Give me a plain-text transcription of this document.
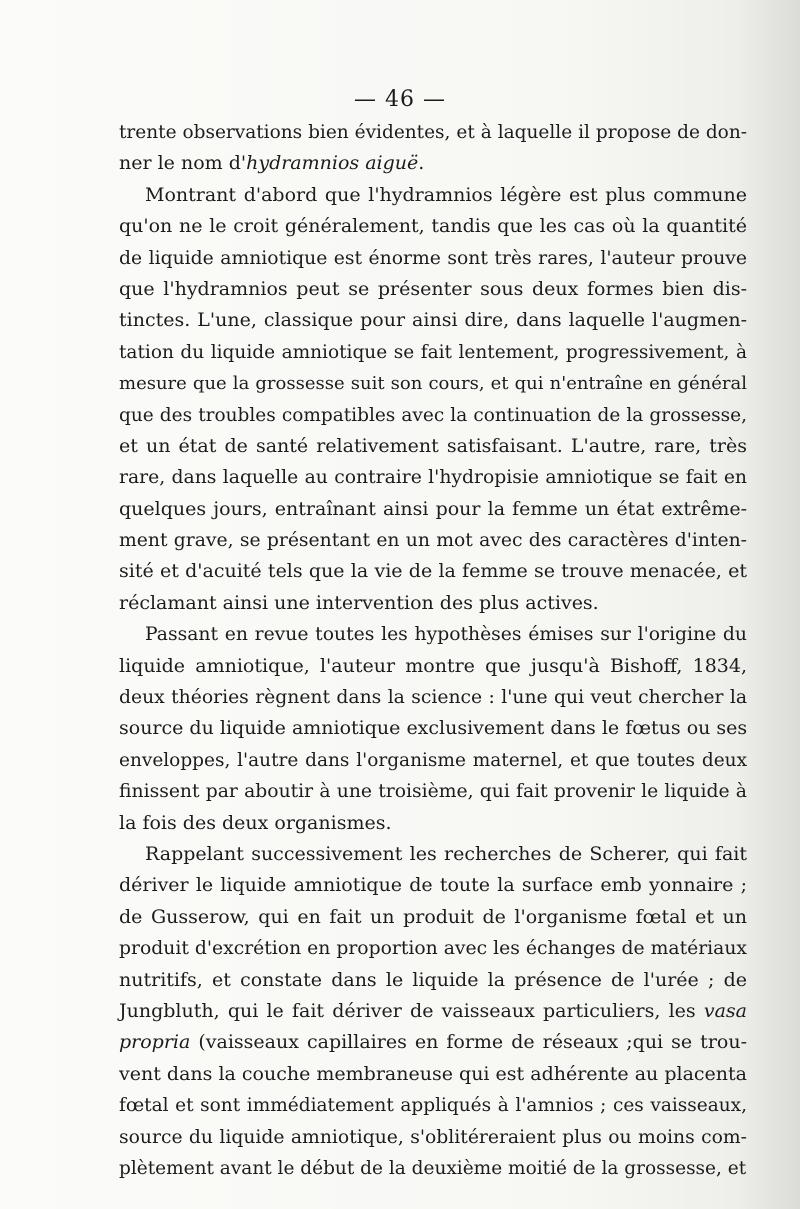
— 46 —
trente observations bien évidentes, et à laquelle il propose de don-
ner le nom d'hydramnios aiguë.
Montrant d'abord que l'hydramnios légère est plus commune
qu'on ne le croit généralement, tandis que les cas où la quantité
de liquide amniotique est énorme sont très rares, l'auteur prouve
que l'hydramnios peut se présenter sous deux formes bien dis-
tinctes. L'une, classique pour ainsi dire, dans laquelle l'augmen-
tation du liquide amniotique se fait lentement, progressivement, à
mesure que la grossesse suit son cours, et qui n'entraîne en général
que des troubles compatibles avec la continuation de la grossesse,
et un état de santé relativement satisfaisant. L'autre, rare, très
rare, dans laquelle au contraire l'hydropisie amniotique se fait en
quelques jours, entraînant ainsi pour la femme un état extrême-
ment grave, se présentant en un mot avec des caractères d'inten-
sité et d'acuité tels que la vie de la femme se trouve menacée, et
réclamant ainsi une intervention des plus actives.
Passant en revue toutes les hypothèses émises sur l'origine du
liquide amniotique, l'auteur montre que jusqu'à Bishoff, 1834,
deux théories règnent dans la science : l'une qui veut chercher la
source du liquide amniotique exclusivement dans le fœtus ou ses
enveloppes, l'autre dans l'organisme maternel, et que toutes deux
finissent par aboutir à une troisième, qui fait provenir le liquide à
la fois des deux organismes.
Rappelant successivement les recherches de Scherer, qui fait
dériver le liquide amniotique de toute la surface emb yonnaire ;
de Gusserow, qui en fait un produit de l'organisme fœtal et un
produit d'excrétion en proportion avec les échanges de matériaux
nutritifs, et constate dans le liquide la présence de l'urée ; de
Jungbluth, qui le fait dériver de vaisseaux particuliers, les vasa
propria (vaisseaux capillaires en forme de réseaux ;qui se trou-
vent dans la couche membraneuse qui est adhérente au placenta
fœtal et sont immédiatement appliqués à l'amnios ; ces vaisseaux,
source du liquide amniotique, s'oblitéreraient plus ou moins com-
plètement avant le début de la deuxième moitié de la grossesse, et
